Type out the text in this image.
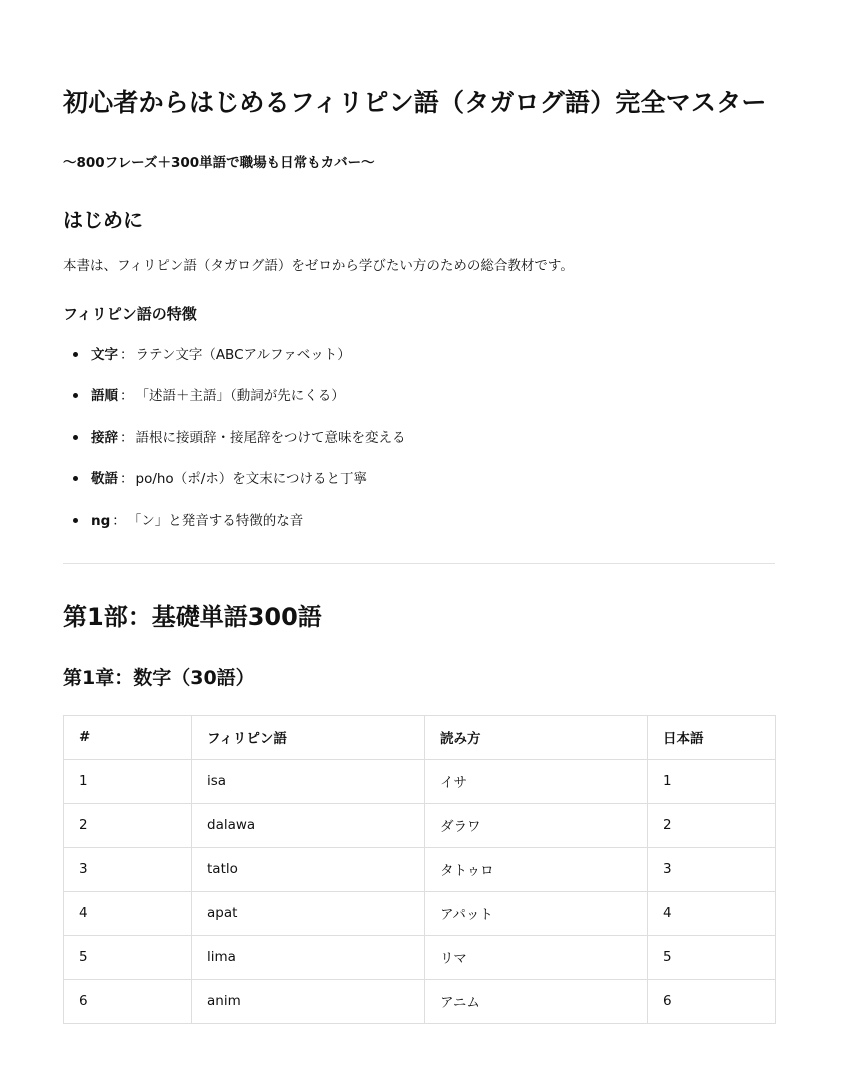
初心者からはじめるフィリピン語（タガログ語）完全マスター

〜800フレーズ＋300単語で職場も日常もカバー〜

はじめに

本書は、フィリピン語（タガログ語）をゼロから学びたい方のための総合教材です。

フィリピン語の特徴
文字 ： ラテン文字（ABCアルファベット）
語順 ： 「述語＋主語」（動詞が先にくる）
接辞 ： 語根に接頭辞・接尾辞をつけて意味を変える
敬語 ： po/ho（ポ/ホ）を文末につけると丁寧
ng ： 「ン」と発音する特徴的な音
第1部：基礎単語300語
第1章：数字（30語）
#	フィリピン語	読み方	日本語
1	isa	イサ	1
2	dalawa	ダラワ	2
3	tatlo	タトゥロ	3
4	apat	アパット	4
5	lima	リマ	5
6	anim	アニム	6
